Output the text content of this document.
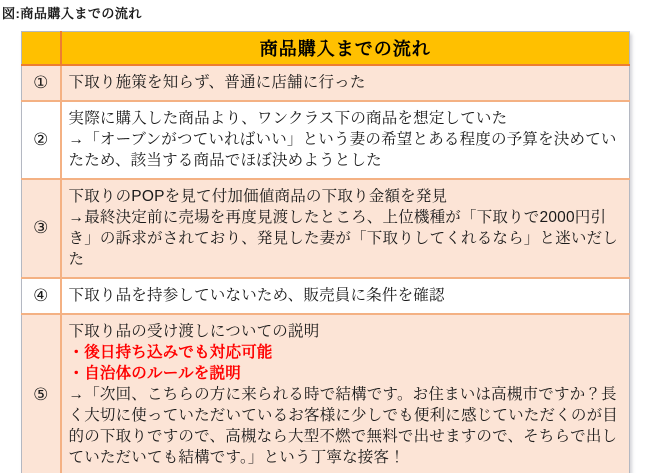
図:商品購入までの流れ
	商品購入までの流れ
①	下取り施策を知らず、普通に店舗に行った

②	実際に購入した商品より、ワンクラス下の商品を想定していた
→「オーブンがつていればいい」という妻の希望とある程度の予算を決めていたため、該当する商品でほぼ決めようとした

③	下取りのPOPを見て付加価値商品の下取り金額を発見
→最終決定前に売場を再度見渡したところ、上位機種が「下取りで2000円引き」の訴求がされており、発見した妻が「下取りしてくれるなら」と迷いだした

④	下取り品を持参していないため、販売員に条件を確認

⑤	下取り品の受け渡しについての説明
・後日持ち込みでも対応可能
・自治体のルールを説明
→「次回、こちらの方に来られる時で結構です。お住まいは高槻市ですか？長く大切に使っていただいているお客様に少しでも便利に感じていただくのが目的の下取りですので、高槻なら大型不燃で無料で出せますので、そちらで出していただいても結構です。」という丁寧な接客！
